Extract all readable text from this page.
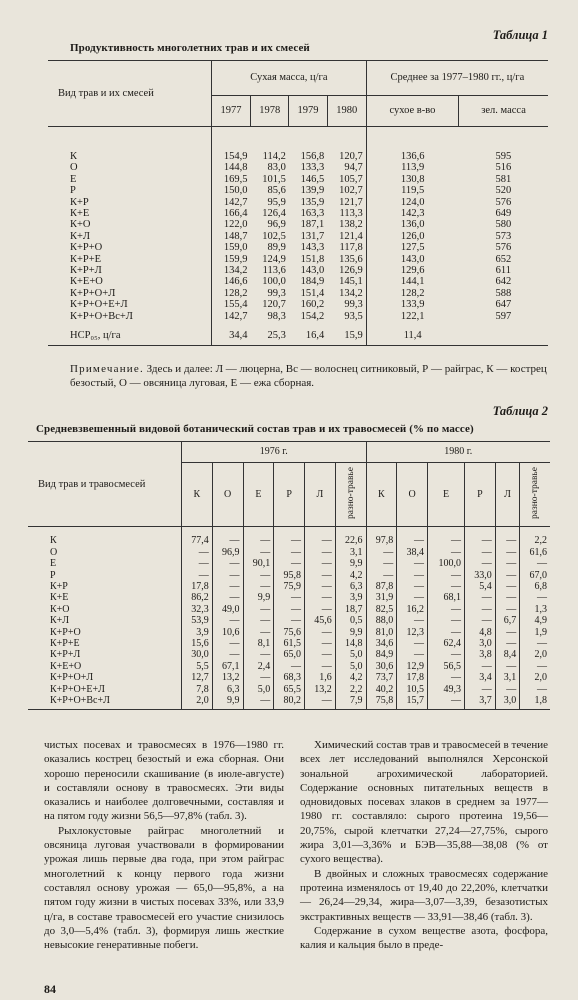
Таблица 1
Продуктивность многолетних трав и их смесей
Вид трав и их смесей	Сухая масса, ц/га				Среднее за 1977–1980 гг., ц/га	
	1977	1978	1979	1980	сухое в-во	зел. масса
К	154,9	114,2	156,8	120,7	136,6	595
О	144,8	83,0	133,3	94,7	113,9	516
Е	169,5	101,5	146,5	105,7	130,8	581
Р	150,0	85,6	139,9	102,7	119,5	520
К+Р	142,7	95,9	135,9	121,7	124,0	576
К+Е	166,4	126,4	163,3	113,3	142,3	649
К+О	122,0	96,9	187,1	138,2	136,0	580
К+Л	148,7	102,5	131,7	121,4	126,0	573
К+Р+О	159,0	89,9	143,3	117,8	127,5	576
К+Р+Е	159,9	124,9	151,8	135,6	143,0	652
К+Р+Л	134,2	113,6	143,0	126,9	129,6	611
К+Е+О	146,6	100,0	184,9	145,1	144,1	642
К+Р+О+Л	128,2	99,3	151,4	134,2	128,2	588
К+Р+О+Е+Л	155,4	120,7	160,2	99,3	133,9	647
К+Р+О+Вс+Л	142,7	98,3	154,2	93,5	122,1	597
НСР₀₅, ц/га	34,4	25,3	16,4	15,9	11,4	
Примечание. Здесь и далее: Л — люцерна, Вс — волоснец ситниковый, Р — райграс, К — кострец безостый, О — овсяница луговая, Е — ежа сборная.
Таблица 2
Средневзвешенный видовой ботанический состав трав и их травосмесей (% по массе)
Вид трав и травосмесей	1976 г.						1980 г.					
	К	О	Е	Р	Л	разно-травье	К	О	Е	Р	Л	разно-травье
К	77,4	—	—	—	—	22,6	97,8	—	—	—	—	2,2
О	—	96,9	—	—	—	3,1	—	38,4	—	—	—	61,6
Е	—	—	90,1	—	—	9,9	—	—	100,0	—	—	—
Р	—	—	—	95,8	—	4,2	—	—	—	33,0	—	67,0
К+Р	17,8	—	—	75,9	—	6,3	87,8	—	—	5,4	—	6,8
К+Е	86,2	—	9,9	—	—	3,9	31,9	—	68,1	—	—	—
К+О	32,3	49,0	—	—	—	18,7	82,5	16,2	—	—	—	1,3
К+Л	53,9	—	—	—	45,6	0,5	88,0	—	—	—	6,7	4,9
К+Р+О	3,9	10,6	—	75,6	—	9,9	81,0	12,3	—	4,8	—	1,9
К+Р+Е	15,6	—	8,1	61,5	—	14,8	34,6	—	62,4	3,0	—	—
К+Р+Л	30,0	—	—	65,0	—	5,0	84,9	—	—	3,8	8,4	2,0
К+Е+О	5,5	67,1	2,4	—	—	5,0	30,6	12,9	56,5	—	—	—
К+Р+О+Л	12,7	13,2	—	68,3	1,6	4,2	73,7	17,8	—	3,4	3,1	2,0
К+Р+О+Е+Л	7,8	6,3	5,0	65,5	13,2	2,2	40,2	10,5	49,3	—	—	—
К+Р+О+Вс+Л	2,0	9,9	—	80,2	—	7,9	75,8	15,7	—	3,7	3,0	1,8

чистых посевах и травосмесях в 1976—1980 гг. оказались кострец безостый и ежа сборная. Они хорошо переносили скашивание (в июле-августе) и составляли основу в травосмесях. Эти виды оказались и наиболее долговечными, составляя и на пятом году жизни 56,5—97,8% (табл. 3).

Рыхлокустовые райграс многолетний и овсяница луговая участвовали в формировании урожая лишь первые два года, при этом райграс многолетний к концу первого года жизни составлял основу урожая — 65,0—95,8%, а на пятом году жизни в чистых посевах 33%, или 33,9 ц/га, в составе травосмесей его участие снизилось до 3,0—5,4% (табл. 3), формируя лишь жесткие невысокие генеративные побеги.

Химический состав трав и травосмесей в течение всех лет исследований выполнялся Херсонской зональной агрохимической лабораторией. Содержание основных питательных веществ в одновидовых посевах злаков в среднем за 1977—1980 гг. составляло: сырого протеина 19,56—20,75%, сырой клетчатки 27,24—27,75%, сырого жира 3,01—3,36% и БЭВ—35,88—38,08 (% от сухого вещества).

В двойных и сложных травосмесях содержание протеина изменялось от 19,40 до 22,20%, клетчатки — 26,24—29,34, жира—3,07—3,39, безазотистых экстрактивных веществ — 33,91—38,46 (табл. 3).

Содержание в сухом веществе азота, фосфора, калия и кальция было в преде-

84
